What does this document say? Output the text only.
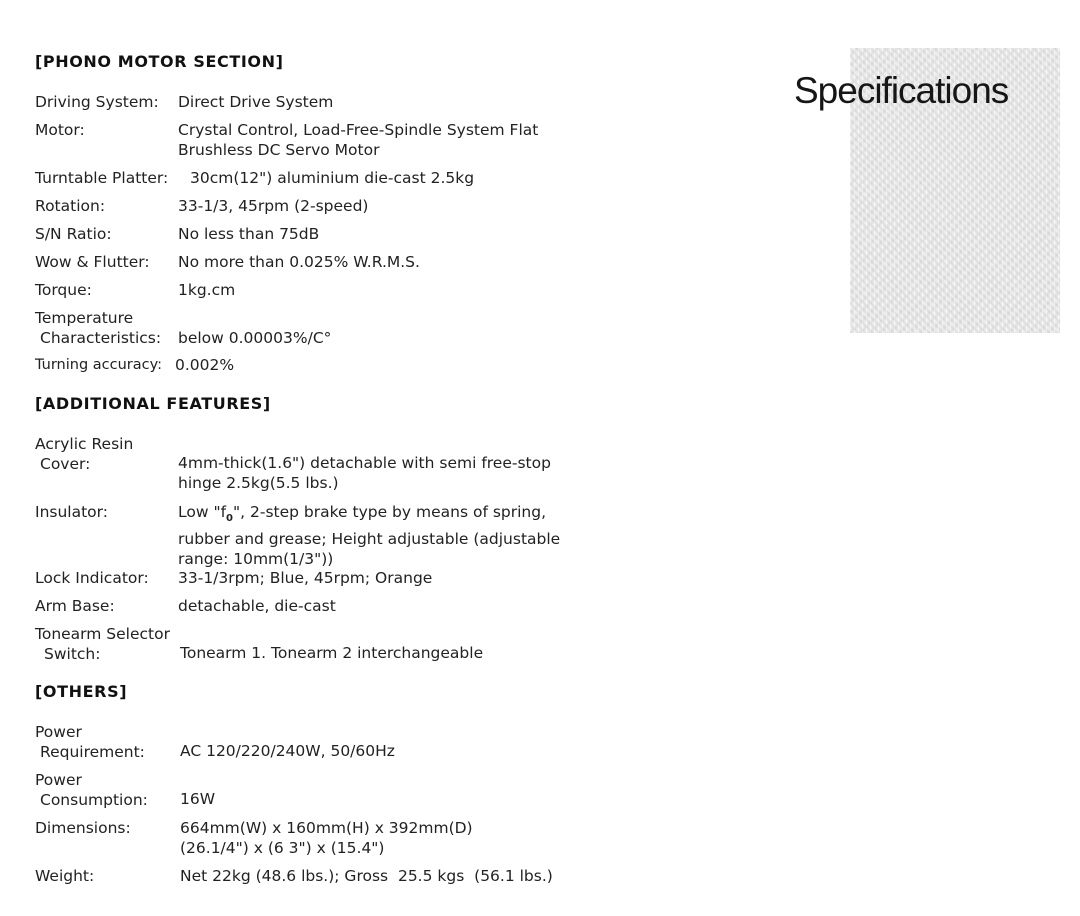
Specifications
[PHONO MOTOR SECTION]
Driving System:	Direct Drive System
Motor:	Crystal Control, Load-Free-Spindle System Flat
Brushless DC Servo Motor
Turntable Platter:	30cm(12") aluminium die-cast 2.5kg
Rotation:	33-1/3, 45rpm (2-speed)
S/N Ratio:	No less than 75dB
Wow & Flutter:	No more than 0.025% W.R.M.S.
Torque:	1kg.cm
Temperature
Characteristics:	below 0.00003%/C°
Turning accuracy: 0.002%
[ADDITIONAL FEATURES]
Acrylic Resin
Cover:	4mm-thick(1.6") detachable with semi free-stop
hinge 2.5kg(5.5 lbs.)
Insulator:	Low "$f_0$", 2-step brake type by means of spring,
rubber and grease; Height adjustable (adjustable
range: 10mm(1/3"))
Lock Indicator:	33-1/3rpm; Blue, 45rpm; Orange
Arm Base:	detachable, die-cast
Tonearm Selector
Switch:	Tonearm 1. Tonearm 2 interchangeable
[OTHERS]
Power
Requirement:	AC 120/220/240W, 50/60Hz
Power
Consumption:	16W
Dimensions:	664mm(W) x 160mm(H) x 392mm(D)
(26.1/4") x (6 3") x (15.4")
Weight:	Net 22kg (48.6 lbs.); Gross  25.5 kgs  (56.1 lbs.)
